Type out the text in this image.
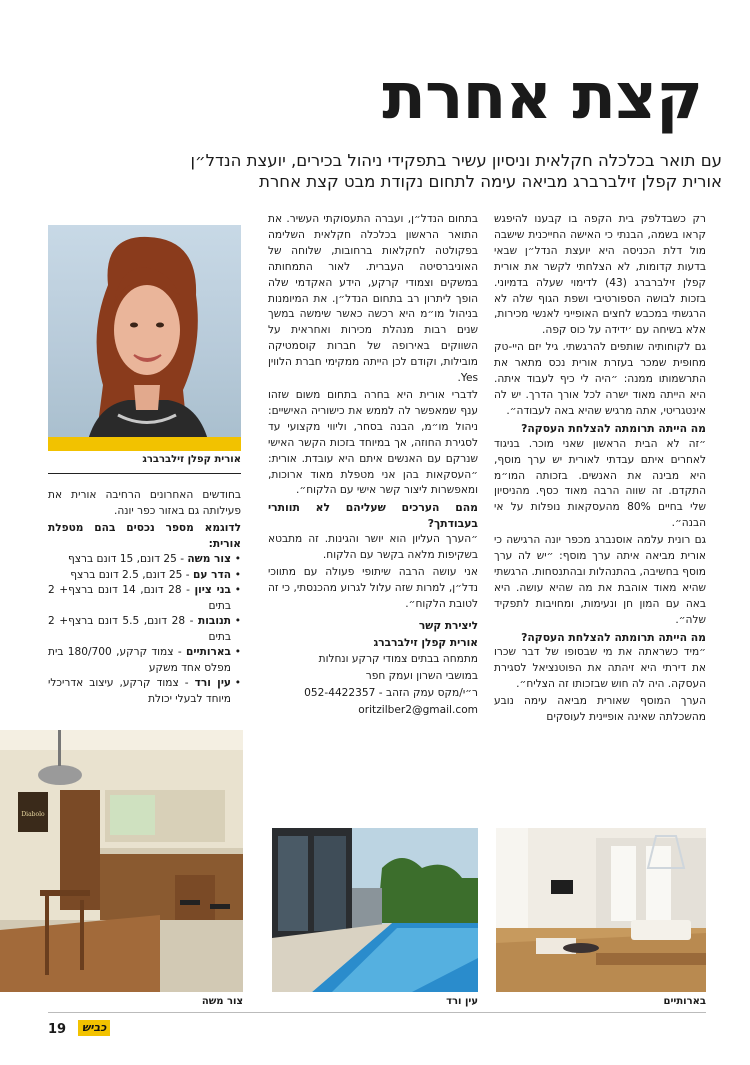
קצת אחרת
עם תואר בכלכלה חקלאית וניסיון עשיר בתפקידי ניהול בכירים, יועצת הנדל״ן
אורית קפלן זילברברג מביאה עימה לתחום נקודת מבט קצת אחרת

רק כשבדלפק בית הקפה בו קבענו להיפגש קראו בשמה, הבנתי כי האישה החייכנית שישבה מול דלת הכניסה היא יועצת הנדל״ן שבאי בדעות קדומות, לא הצלחתי לקשר את אורית קפלן זילברברג (43) לדימוי שעלה בדמיוני. בזכות לבושה הספורטיבי ושפת הגוף שלה לא הרגשתי במכבש לחצים האופייני לאנשי מכירות, אלא בשיחה עם ׳ידידה על כוס קפה.

גם לקוחותיה שותפים להרגשתי. גיל יזם היי-טק מחופית שמכר בעזרת אורית נכס מתאר את התרשמותו ממנה: ״היה לי כיף לעבוד איתה. היא הייתה מאוד ישרה לכל אורך הדרך. יש לה אינטגריטי, אתה מרגיש שהיא באה לעבודה״.

מה הייתה תרומתה להצלחת העסקה?

״זה לא הבית הראשון שאני מוכר. בניגוד לאחרים איתם עבדתי לאורית יש ערך מוסף, היא מבינה את האנשים. בזכותה המו״מ התקדם. זה שווה הרבה מאוד כסף. מהניסיון שלי בחיים 80% מהעסקאות נופלות על אי הבנה״.

גם רונית עלמה אוסנברג מכפר יונה הרגישה כי אורית מביאה איתה ערך מוסף: ״יש לה ערך מוסף בחשיבה, בהתנהלות ובהתנסחות. הרגשתי שהיא מאוד אוהבת את מה שהיא עושה. היא באה עם המון חן ונעימות, ומחויבות לתפקיד שלה״.

מה הייתה תרומתה להצלחת העסקה?

״מיד כשראתה את מי שבסופו של דבר שכרו את דירתי היא זיהתה את הפוטנציאל לסגירת העסקה. היה לה חוש שבזכותו זה הצליח״.

הערך המוסף שאורית מביאה עימה נובע מהשכלתה שאינה אופיינית לעוסקים

בתחום הנדל״ן, ועברה התעסוקתי העשיר. את התואר הראשון בכלכלה חקלאית השלימה בפקולטה לחקלאות ברחובות, שלוחה של האוניברסיטה העברית. לאור התמחותה במשקים וצמודי קרקע, הידע האקדמי שלה הופך ליתרון רב בתחום הנדל״ן. את המיומנות בניהול מו״מ היא רכשה כאשר שימשה במשך שנים רבות מנהלת מכירות ואחראית על השווקים באירופה של חברות קוסמטיקה מובילות, וקודם לכן הייתה ממקימי חברת הלווין Yes.

לדברי אורית היא בחרה בתחום משום שזהו ענף שמאפשר לה לממש את כישוריה האישיים: ניהול מו״מ, הבנה בסחר, וליווי מקצועי עד לסגירת החוזה, אך במיוחד בזכות הקשר האישי שנרקם עם האנשים איתם היא עובדת. אורית: ״העסקאות בהן אני מטפלת מאוד ארוכות, ומאפשרות ליצור קשר אישי עם הלקוח״.

מהם הערכים שעליהם לא תוותרי בעבודתך?

״הערך העליון הוא יושר והגינות. זה מתבטא בשקיפות מלאה בקשר עם הלקוח.

אני עושה הרבה שיתופי פעולה עם מתווכי נדל״ן, למרות שזה עלול לגרוע מהכנסתי, כי זה לטובת הלקוח״.

ליצירת קשר

אורית קפלן זילברברג

מתמחה בבתים צמודי קרקע ונחלות

במושבי השרון ועמק חפר

ר״י/מקס עמק הזהב - 052-4422357

oritzilber2@gmail.com
אורית קפלן זילברברג

בחודשים האחרונים הרחיבה אורית את פעילותה גם באזור כפר יונה.

לדוגמא מספר נכסים בהם מטפלת אורית:

• צור משה - 25 דונם, 15 דונם ברצף
• הדר עם - 25 דונם, 2.5 דונם ברצף
• בני ציון - 28 דונם, 14 דונם ברצף+ 2 בתים
• תנובות - 28 דונם, 5.5 דונם ברצף+ 2 בתים
• בארותיים - צמוד קרקע, 180/700 בית מפלס אחד משקע
• עין ורד - צמוד קרקע, עיצוב אדריכלי מיוחד לבעלי יכולת
Diabolo
צור משה	עין ורד	בארותיים
19	כביש
